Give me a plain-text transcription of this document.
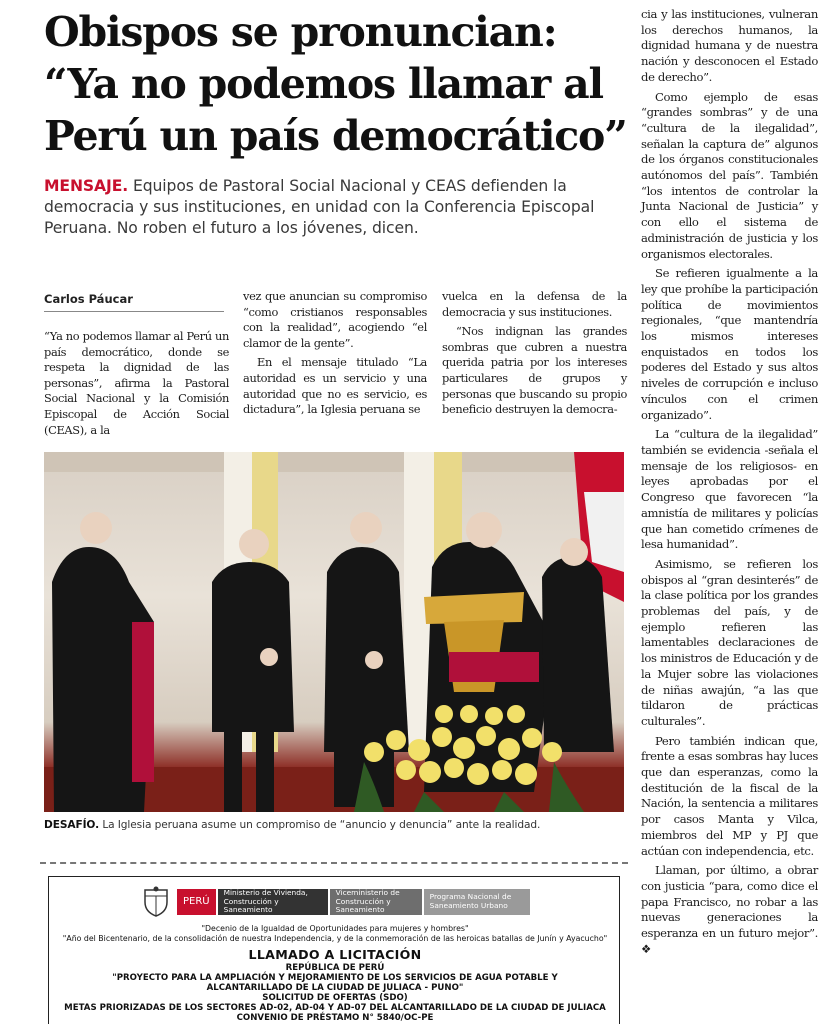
Obispos se pronuncian:
“Ya no podemos llamar al
Perú un país democrático”
MENSAJE. Equipos de Pastoral Social Nacional y CEAS defienden la democracia y sus instituciones, en unidad con la Conferencia Episcopal Peruana. No roben el futuro a los jóvenes, dicen.
Carlos Páucar

“Ya no podemos llamar al Perú un país democrático, donde se respeta la dignidad de las personas”, afirma la Pastoral Social Nacional y la Comisión Episcopal de Acción Social (CEAS), a la

vez que anuncian su compromiso “como cristianos responsables con la realidad”, acogiendo “el clamor de la gente”.

En el mensaje titulado “La autoridad es un servicio y una autoridad que no es servicio, es dictadura”, la Iglesia peruana se

vuelca en la defensa de la democracia y sus instituciones.

“Nos indignan las grandes sombras que cubren a nuestra querida patria por los intereses particulares de grupos y personas que buscando su propio beneficio destruyen la democra-

cia y las instituciones, vulneran los derechos humanos, la dignidad humana y de nuestra nación y desconocen el Estado de derecho”.

Como ejemplo de esas “grandes sombras” y de una “cultura de la ilegalidad”, señalan la captura de” algunos de los órganos constitucionales autónomos del país”. También “los intentos de controlar la Junta Nacional de Justicia” y con ello el sistema de administración de justicia y los organismos electorales.

Se refieren igualmente a la ley que prohíbe la participación política de movimientos regionales, “que mantendría los mismos intereses enquistados en todos los poderes del Estado y sus altos niveles de corrupción e incluso vínculos con el crimen organizado”.

La “cultura de la ilegalidad” también se evidencia -señala el mensaje de los religiosos- en leyes aprobadas por el Congreso que favorecen “la amnistía de militares y policías que han cometido crímenes de lesa humanidad”.

Asimismo, se refieren los obispos al “gran desinterés” de la clase política por los grandes problemas del país, y de ejemplo refieren las lamentables declaraciones de los ministros de Educación y de la Mujer sobre las violaciones de niñas awajún, “a las que tildaron de prácticas culturales”.

Pero también indican que, frente a esas sombras hay luces que dan esperanzas, como la destitución de la fiscal de la Nación, la sentencia a militares por casos Manta y Vilca, miembros del MP y PJ que actúan con independencia, etc.

Llaman, por último, a obrar con justicia “para, como dice el papa Francisco, no robar a las nuevas generaciones la esperanza en un futuro mejor”. ❖

DESAFÍO. La Iglesia peruana asume un compromiso de “anuncio y denuncia” ante la realidad.
PERÚ
Ministerio de Vivienda, Construcción y Saneamiento
Viceministerio de Construcción y Saneamiento
Programa Nacional de Saneamiento Urbano
"Decenio de la Igualdad de Oportunidades para mujeres y hombres"
"Año del Bicentenario, de la consolidación de nuestra Independencia, y de la conmemoración de las heroicas batallas de Junín y Ayacucho"
LLAMADO A LICITACIÓN
REPÚBLICA DE PERÚ
"PROYECTO PARA LA AMPLIACIÓN Y MEJORAMIENTO DE LOS SERVICIOS DE AGUA POTABLE Y
ALCANTARILLADO DE LA CIUDAD DE JULIACA - PUNO"
SOLICITUD DE OFERTAS (SDO)
METAS PRIORIZADAS DE LOS SECTORES AD-02, AD-04 Y AD-07 DEL ALCANTARILLADO DE LA CIUDAD DE JULIACA
CONVENIO DE PRÉSTAMO N° 5840/OC-PE
